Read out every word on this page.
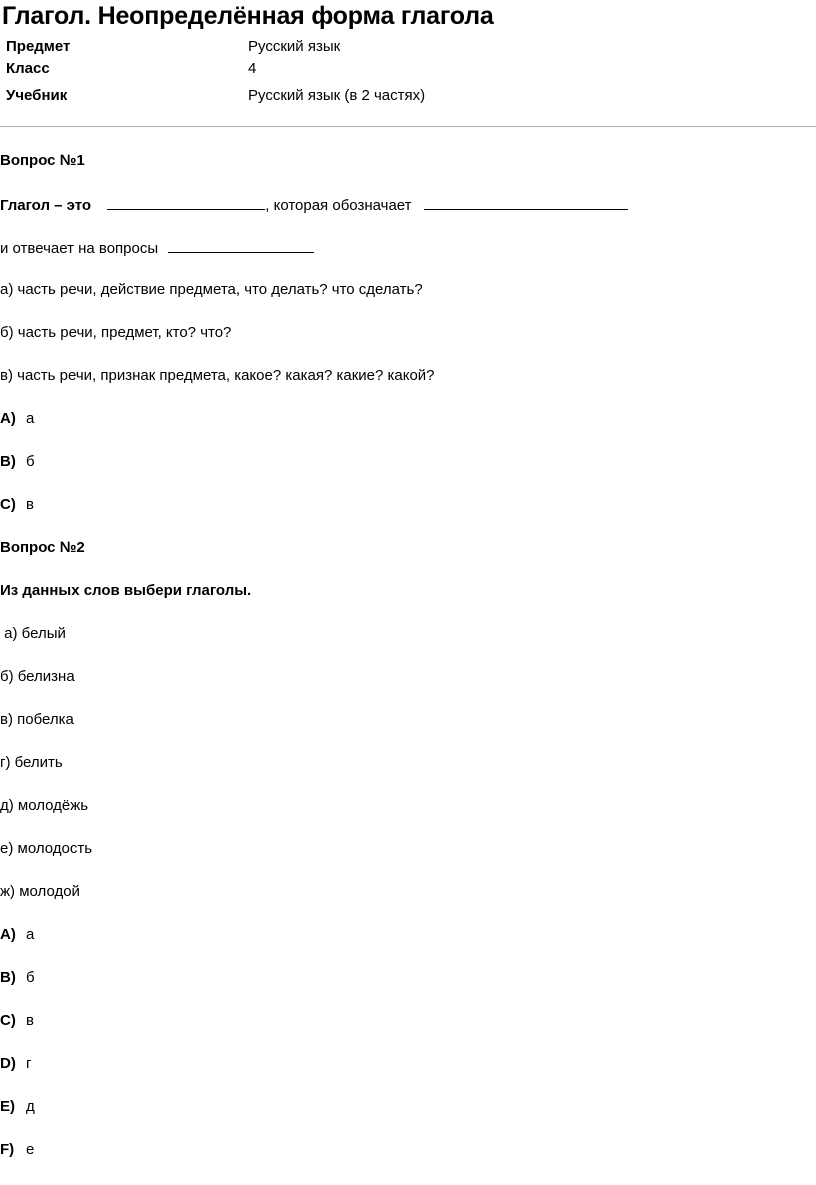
Глагол. Неопределённая форма глагола
Предмет	Русский язык
Класс	4
Учебник	Русский язык (в 2 частях)
Вопрос №1
Глагол – это	, которая обозначает
и отвечает на вопросы
а) часть речи, действие предмета, что делать? что сделать?
б) часть речи, предмет, кто? что?
в) часть речи, признак предмета, какое? какая? какие? какой?
A) а
B) б
C) в
Вопрос №2
Из данных слов выбери глаголы.
а) белый
б) белизна
в) побелка
г) белить
д) молодёжь
е) молодость
ж) молодой
A) а
B) б
C) в
D) г
E) д
F) е
